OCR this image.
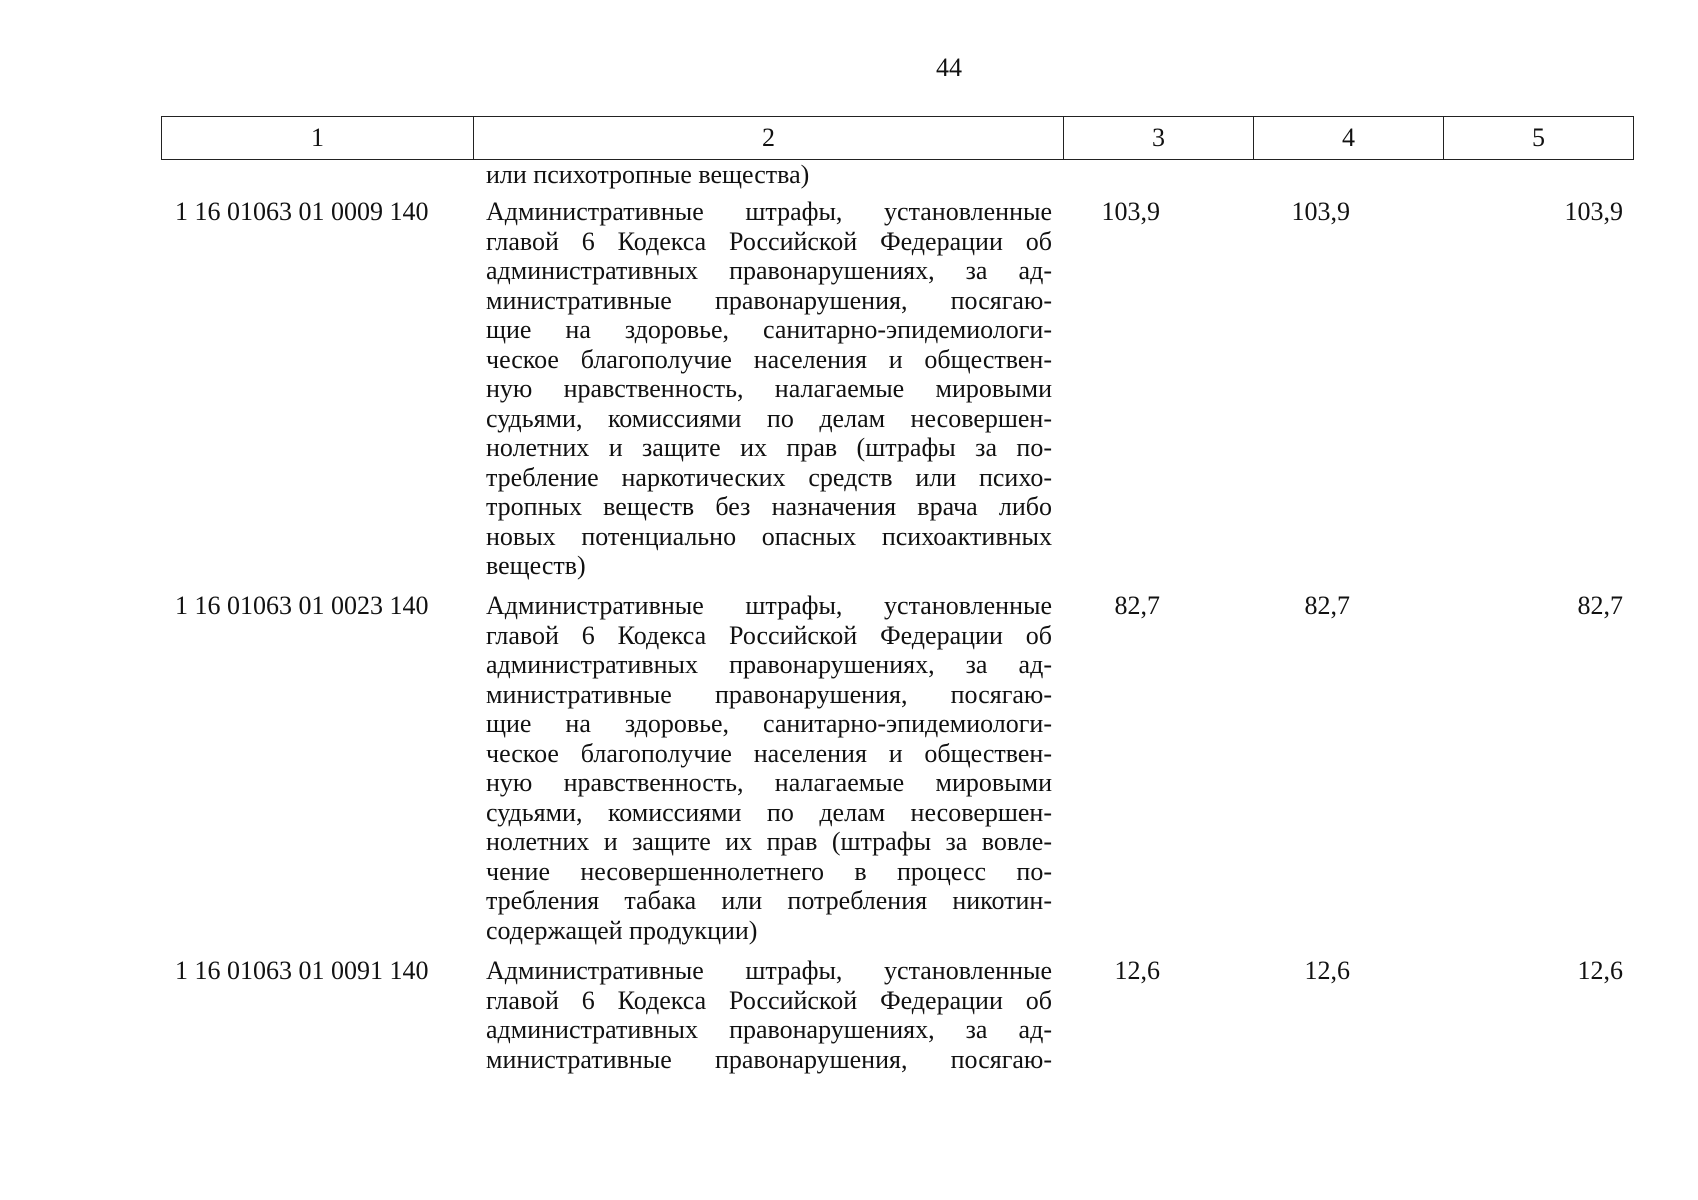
44
1	2	3	4	5
или психотропные вещества)
1 16 01063 01 0009 140 Административные штрафы, установленные
главой 6 Кодекса Российской Федерации об
административных правонарушениях, за ад-
министративные правонарушения, посягаю-
щие на здоровье, санитарно-эпидемиологи-
ческое благополучие населения и обществен-
ную нравственность, налагаемые мировыми
судьями, комиссиями по делам несовершен-
нолетних и защите их прав (штрафы за по-
требление наркотических средств или психо-
тропных веществ без назначения врача либо
новых потенциально опасных психоактивных
веществ)
103,9	103,9	103,9
1 16 01063 01 0023 140 Административные штрафы, установленные
главой 6 Кодекса Российской Федерации об
административных правонарушениях, за ад-
министративные правонарушения, посягаю-
щие на здоровье, санитарно-эпидемиологи-
ческое благополучие населения и обществен-
ную нравственность, налагаемые мировыми
судьями, комиссиями по делам несовершен-
нолетних и защите их прав (штрафы за вовле-
чение несовершеннолетнего в процесс по-
требления табака или потребления никотин-
содержащей продукции)
82,7	82,7	82,7
1 16 01063 01 0091 140 Административные штрафы, установленные
главой 6 Кодекса Российской Федерации об
административных правонарушениях, за ад-
министративные правонарушения, посягаю-
12,6	12,6	12,6
